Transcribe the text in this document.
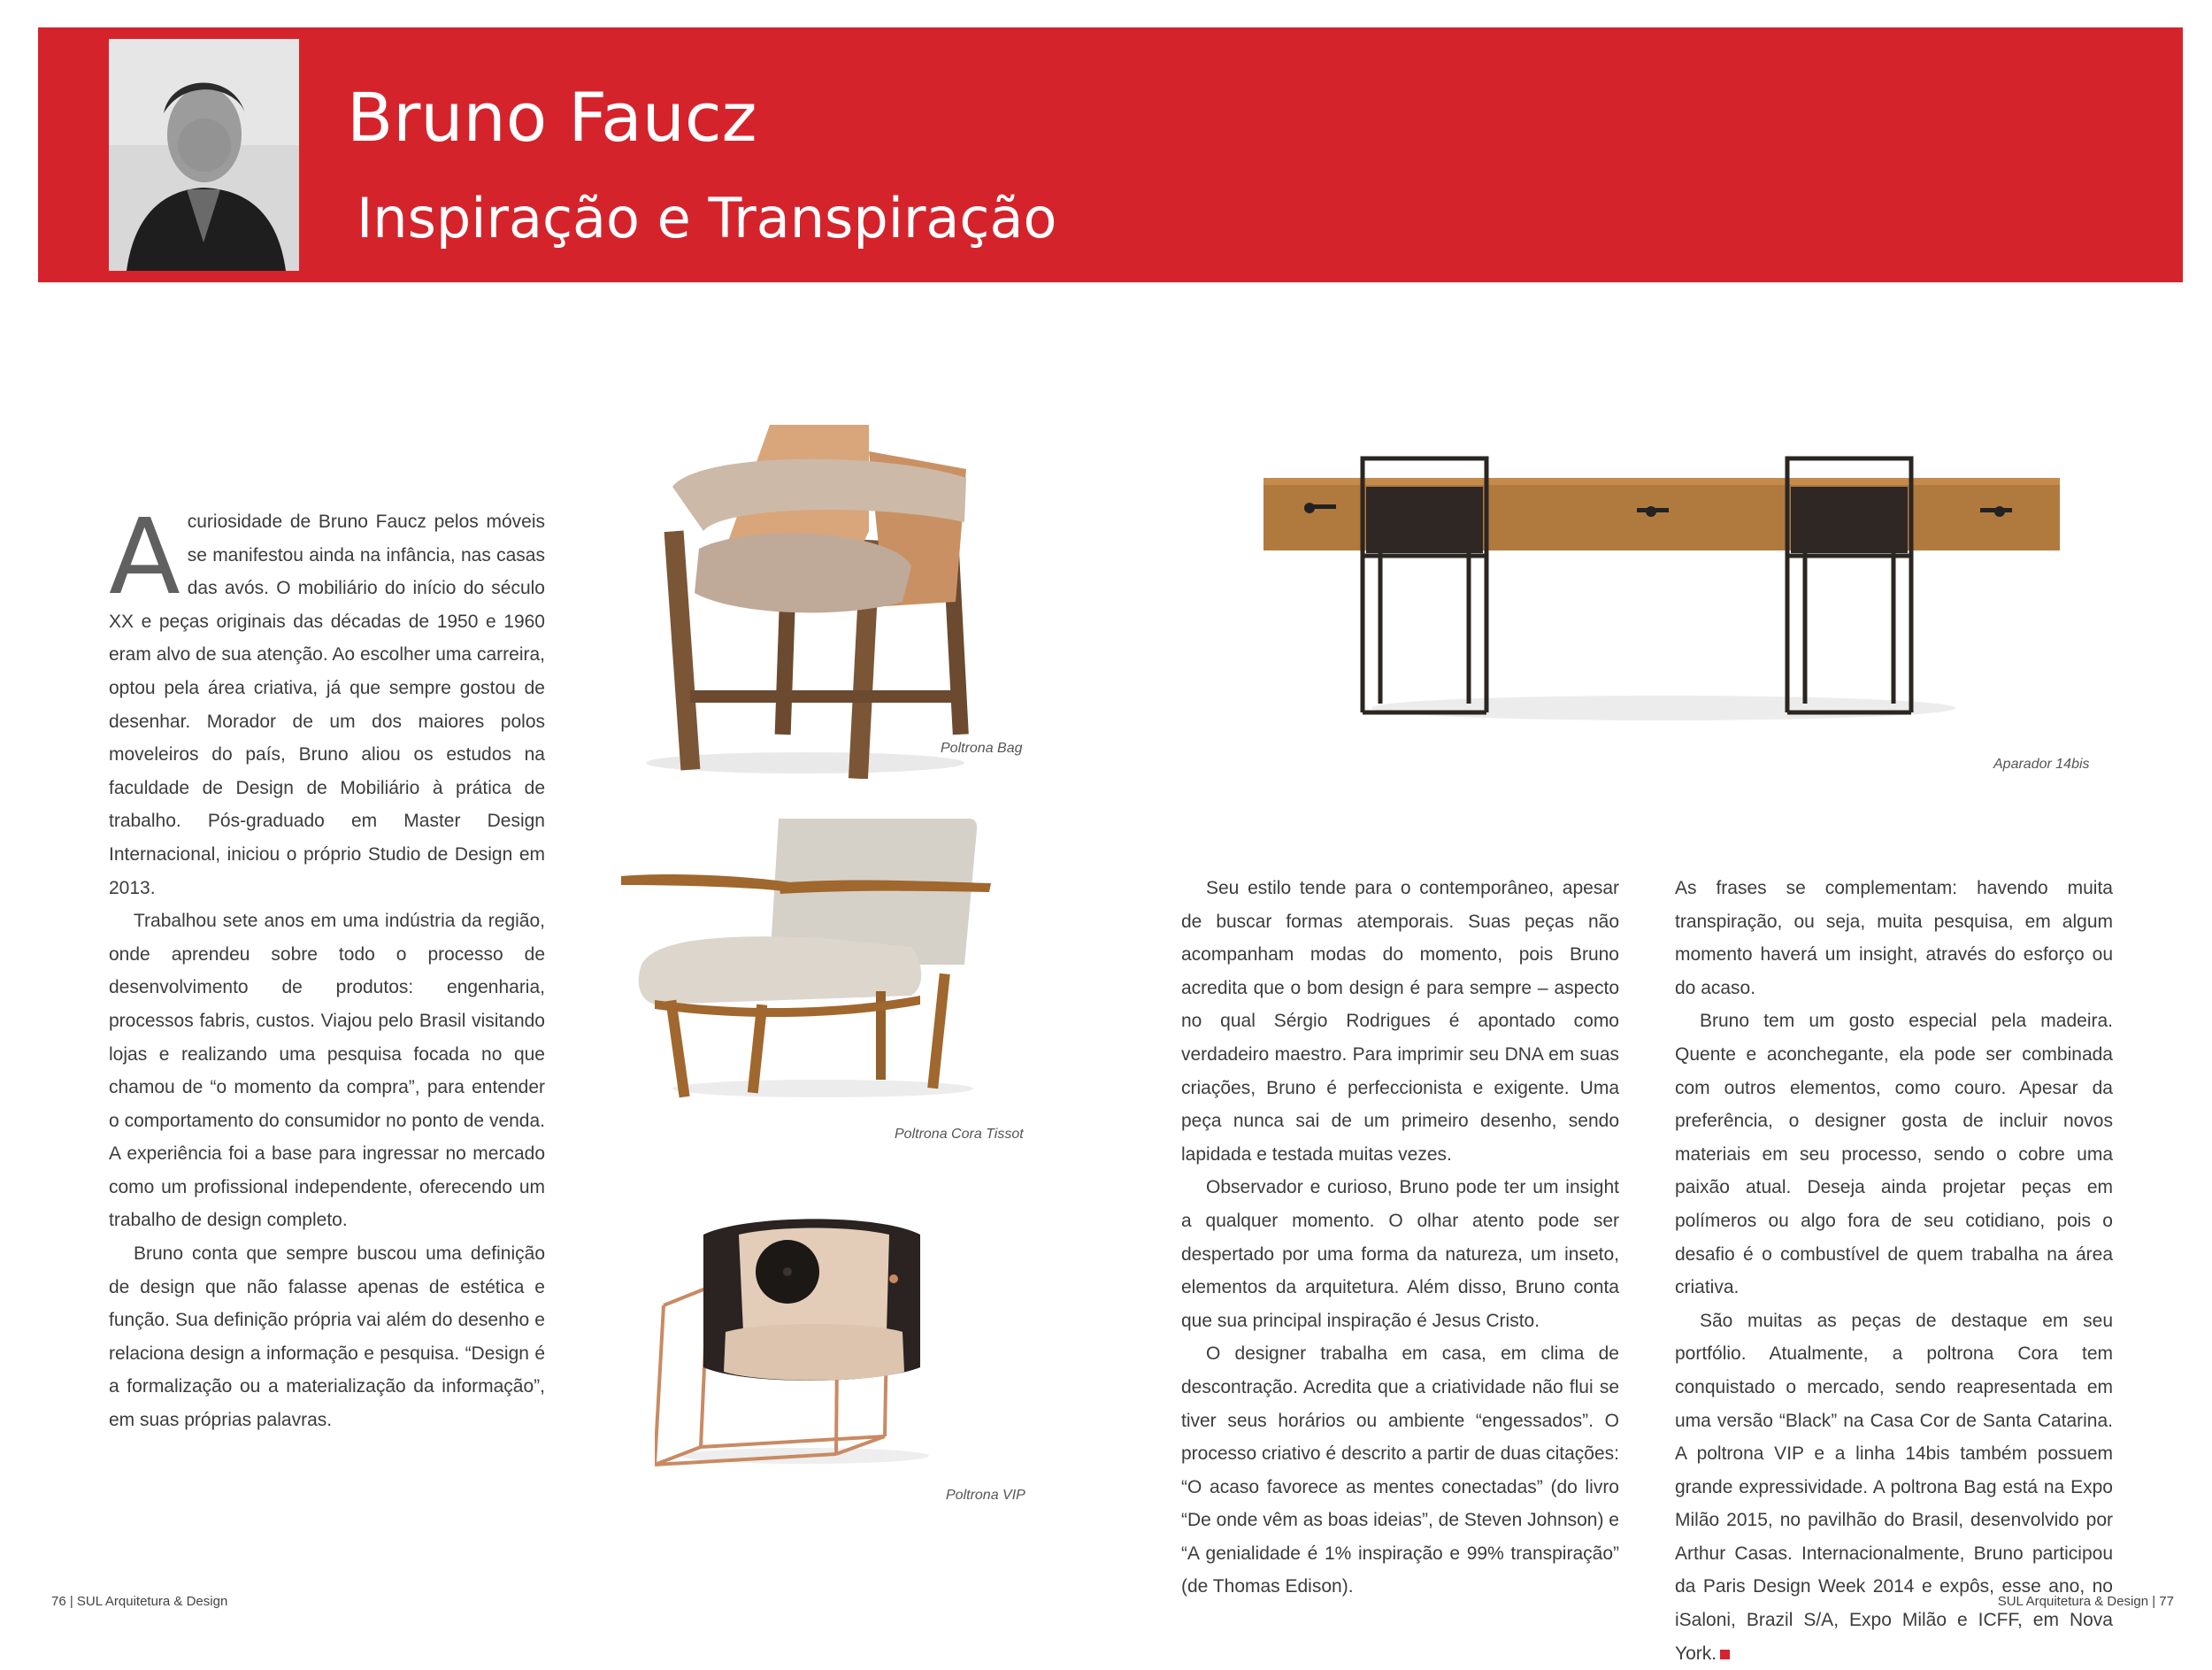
Bruno Faucz
Inspiração e Transpiração

Acuriosidade de Bruno Faucz pelos móveis se manifestou ainda na infância, nas casas das avós. O mobiliário do início do século XX e peças originais das décadas de 1950 e 1960 eram alvo de sua atenção. Ao escolher uma carreira, optou pela área criativa, já que sempre gostou de desenhar. Morador de um dos maiores polos moveleiros do país, Bruno aliou os estudos na faculdade de Design de Mobiliário à prática de trabalho. Pós-graduado em Master Design Internacional, iniciou o próprio Studio de Design em 2013.

Trabalhou sete anos em uma indústria da região, onde aprendeu sobre todo o processo de desenvolvimento de produtos: engenharia, processos fabris, custos. Viajou pelo Brasil visitando lojas e realizando uma pesquisa focada no que chamou de “o momento da compra”, para entender o comportamento do consumidor no ponto de venda. A experiência foi a base para ingressar no mercado como um profissional independente, oferecendo um trabalho de design completo.

Bruno conta que sempre buscou uma definição de design que não falasse apenas de estética e função. Sua definição própria vai além do desenho e relaciona design a informação e pesquisa. “Design é a formalização ou a materialização da informação”, em suas próprias palavras.

Poltrona Bag
Poltrona Cora Tissot
Poltrona VIP
Aparador 14bis

Seu estilo tende para o contemporâneo, apesar de buscar formas atemporais. Suas peças não acompanham modas do momento, pois Bruno acredita que o bom design é para sempre – aspecto no qual Sérgio Rodrigues é apontado como verdadeiro maestro. Para imprimir seu DNA em suas criações, Bruno é perfeccionista e exigente. Uma peça nunca sai de um primeiro desenho, sendo lapidada e testada muitas vezes.

Observador e curioso, Bruno pode ter um insight a qualquer momento. O olhar atento pode ser despertado por uma forma da natureza, um inseto, elementos da arquitetura. Além disso, Bruno conta que sua principal inspiração é Jesus Cristo.

O designer trabalha em casa, em clima de descontração. Acredita que a criatividade não flui se tiver seus horários ou ambiente “engessados”. O processo criativo é descrito a partir de duas citações: “O acaso favorece as mentes conectadas” (do livro “De onde vêm as boas ideias”, de Steven Johnson) e “A genialidade é 1% inspiração e 99% transpiração” (de Thomas Edison).

As frases se complementam: havendo muita transpiração, ou seja, muita pesquisa, em algum momento haverá um insight, através do esforço ou do acaso.

Bruno tem um gosto especial pela madeira. Quente e aconchegante, ela pode ser combinada com outros elementos, como couro. Apesar da preferência, o designer gosta de incluir novos materiais em seu processo, sendo o cobre uma paixão atual. Deseja ainda projetar peças em polímeros ou algo fora de seu cotidiano, pois o desafio é o combustível de quem trabalha na área criativa.

São muitas as peças de destaque em seu portfólio. Atualmente, a poltrona Cora tem conquistado o mercado, sendo reapresentada em uma versão “Black” na Casa Cor de Santa Catarina. A poltrona VIP e a linha 14bis também possuem grande expressividade. A poltrona Bag está na Expo Milão 2015, no pavilhão do Brasil, desenvolvido por Arthur Casas. Internacionalmente, Bruno participou da Paris Design Week 2014 e expôs, esse ano, no iSaloni, Brazil S/A, Expo Milão e ICFF, em Nova York.

76 | SUL Arquitetura & Design	SUL Arquitetura & Design | 77
